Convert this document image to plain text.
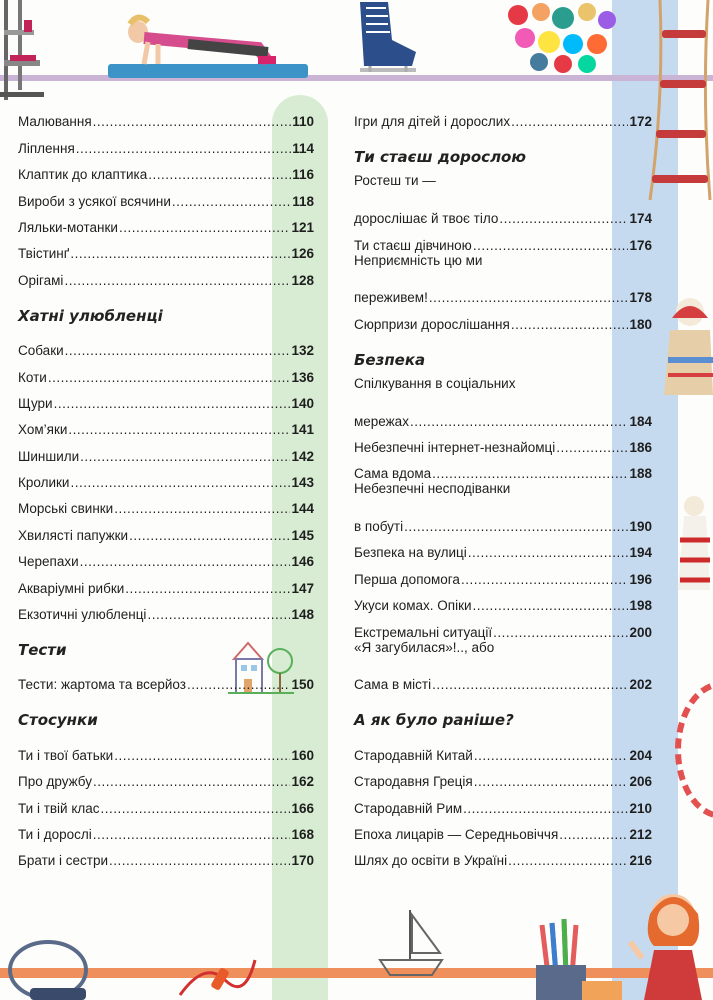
Малювання .....	110
Ліплення .....	114
Клаптик до клаптика .....	116
Вироби з усякої всячини .....	118
Ляльки-мотанки .....	121
Твістинґ .....	126
Орігамі .....	128
Хатні улюбленці
Собаки .....	132
Коти .....	136
Щури .....	140
Хом’яки .....	141
Шиншили .....	142
Кролики .....	143
Морські свинки .....	144
Хвилясті папужки .....	145
Черепахи .....	146
Акваріумні рибки .....	147
Екзотичні улюбленці .....	148
Тести
Тести: жартома та всерйоз .....	150
Стосунки
Ти і твої батьки .....	160
Про дружбу .....	162
Ти і твій клас .....	166
Ти і дорослі .....	168
Брати і сестри .....	170
Ігри для дітей і дорослих .....	172
Ти стаєш дорослою
Ростеш ти —
дорослішає й твоє тіло .....	174
Ти стаєш дівчиною .....	176
Неприємність цю ми
переживем! .....	178
Сюрпризи дорослішання .....	180
Безпека
Спілкування в соціальних
мережах .....	184
Небезпечні інтернет-незнайомці .....	186
Сама вдома .....	188
Небезпечні несподіванки
в побуті .....	190
Безпека на вулиці .....	194
Перша допомога .....	196
Укуси комах. Опіки .....	198
Екстремальні ситуації .....	200
«Я загубилася»!.., або
Сама в місті .....	202
А як було раніше?
Стародавній Китай .....	204
Стародавня Греція .....	206
Стародавній Рим .....	210
Епоха лицарів — Середньовіччя .....	212
Шлях до освіти в Україні .....	216
